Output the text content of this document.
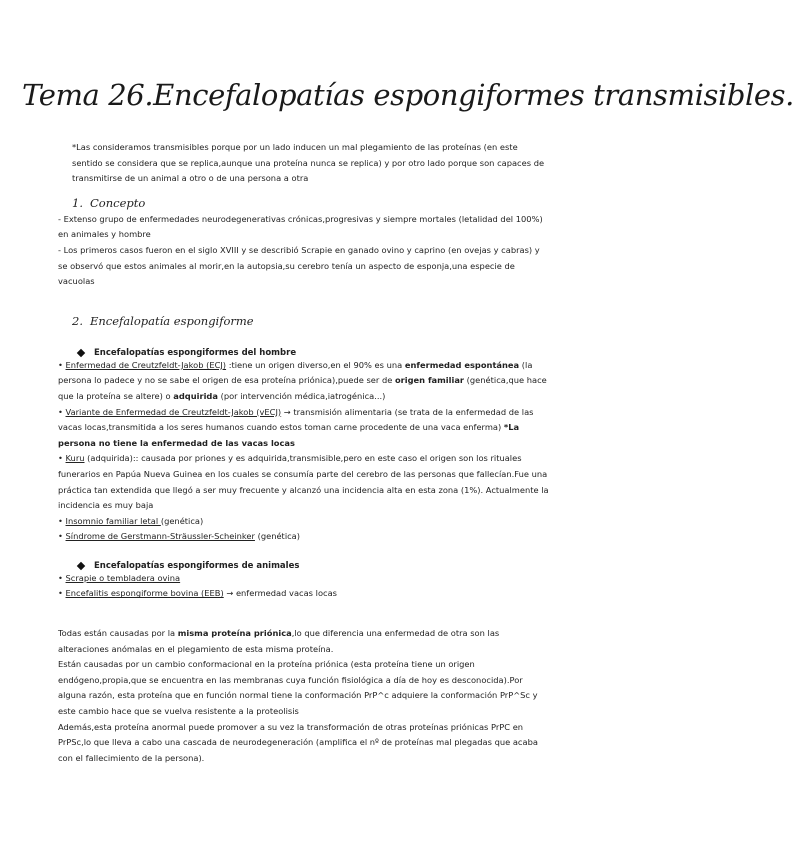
Tema 26.Encefalopatías espongiformes transmisibles.

*Las consideramos transmisibles porque por un lado inducen un mal plegamiento de las proteínas (en este sentido se considera que se replica,aunque una proteína nunca se replica) y por otro lado porque son capaces de transmitirse de un animal a otro o de una persona a otra

1. Concepto

- Extenso grupo de enfermedades neurodegenerativas crónicas,progresivas y siempre mortales (letalidad del 100%) en animales y hombre

- Los primeros casos fueron en el siglo XVIII y se describió Scrapie en ganado ovino y caprino (en ovejas y cabras) y se observó que estos animales al morir,en la autopsia,su cerebro tenía un aspecto de esponja,una especie de vacuolas

2. Encefalopatía espongiforme
Encefalopatías espongiformes del hombre

• Enfermedad de Creutzfeldt-Jakob (ECJ) :tiene un origen diverso,en el 90% es una enfermedad espontánea (la persona lo padece y no se sabe el origen de esa proteína priónica),puede ser de origen familiar (genética,que hace que la proteína se altere) o adquirida (por intervención médica,iatrogénica...)

• Variante de Enfermedad de Creutzfeldt-Jakob (vECJ) → transmisión alimentaria (se trata de la enfermedad de las vacas locas,transmitida a los seres humanos cuando estos toman carne procedente de una vaca enferma) *La persona no tiene la enfermedad de las vacas locas

• Kuru (adquirida):: causada por priones y es adquirida,transmisible,pero en este caso el origen son los rituales funerarios en Papúa Nueva Guinea en los cuales se consumía parte del cerebro de las personas que fallecían.Fue una práctica tan extendida que llegó a ser muy frecuente y alcanzó una incidencia alta en esta zona (1%). Actualmente la incidencia es muy baja

• Insomnio familiar letal (genética)

• Síndrome de Gerstmann-Sträussler-Scheinker (genética)

Encefalopatías espongiformes de animales

• Scrapie o tembladera ovina

• Encefalitis espongiforme bovina (EEB) → enfermedad vacas locas

Todas están causadas por la misma proteína priónica,lo que diferencia una enfermedad de otra son las alteraciones anómalas en el plegamiento de esta misma proteína.

Están causadas por un cambio conformacional en la proteína priónica (esta proteína tiene un origen endógeno,propia,que se encuentra en las membranas cuya función fisiológica a día de hoy es desconocida).Por alguna razón, esta proteína que en función normal tiene la conformación PrP^c adquiere la conformación PrP^Sc y este cambio hace que se vuelva resistente a la proteolisis

Además,esta proteína anormal puede promover a su vez la transformación de otras proteínas priónicas PrPC en PrPSc,lo que lleva a cabo una cascada de neurodegeneración (amplifica el nº de proteínas mal plegadas que acaba con el fallecimiento de la persona).
